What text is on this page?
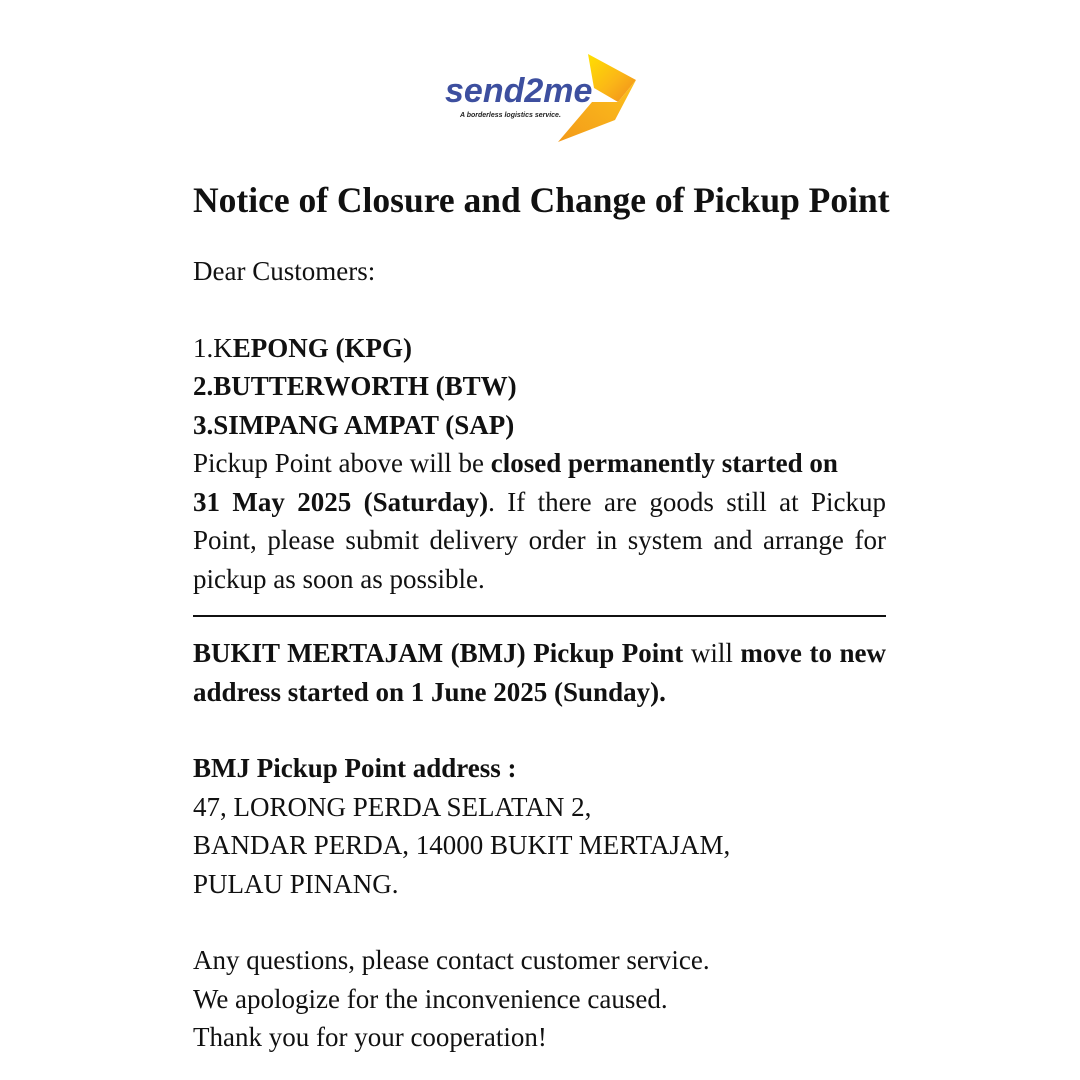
send2me
A borderless logistics service.
Notice of Closure and Change of Pickup Point
Dear Customers:
1.KEPONG (KPG)
2.BUTTERWORTH (BTW)
3.SIMPANG AMPAT (SAP)
Pickup Point above will be closed permanently started on
31 May 2025 (Saturday). If there are goods still at Pickup
Point, please submit delivery order in system and arrange for
pickup as soon as possible.
BUKIT MERTAJAM (BMJ) Pickup Point will move to new
address started on 1 June 2025 (Sunday).
BMJ Pickup Point address :
47, LORONG PERDA SELATAN 2,
BANDAR PERDA, 14000 BUKIT MERTAJAM,
PULAU PINANG.
Any questions, please contact customer service.
We apologize for the inconvenience caused.
Thank you for your cooperation!
